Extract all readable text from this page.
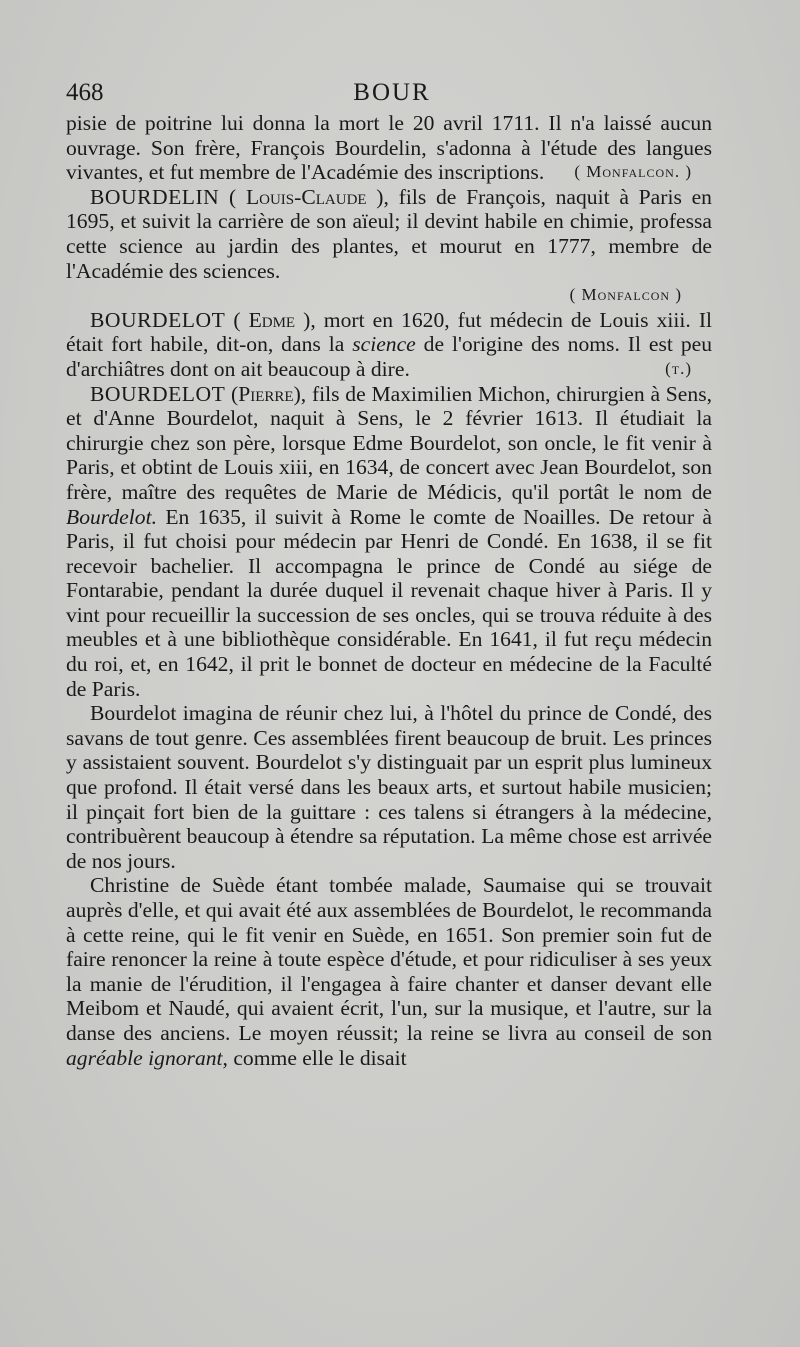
468	BOUR

pisie de poitrine lui donna la mort le 20 avril 1711. Il n'a laissé aucun ouvrage. Son frère, François Bourdelin, s'adonna à l'étude des langues vivantes, et fut membre de l'Académie des inscriptions. ( Monfalcon. )

BOURDELIN ( Louis-Claude ), fils de François, naquit à Paris en 1695, et suivit la carrière de son aïeul; il devint habile en chimie, professa cette science au jardin des plantes, et mourut en 1777, membre de l'Académie des sciences.

( Monfalcon )

BOURDELOT ( Edme ), mort en 1620, fut médecin de Louis xiii. Il était fort habile, dit-on, dans la science de l'origine des noms. Il est peu d'archiâtres dont on ait beaucoup à dire.	(t.)

BOURDELOT (Pierre), fils de Maximilien Michon, chirurgien à Sens, et d'Anne Bourdelot, naquit à Sens, le 2 février 1613. Il étudiait la chirurgie chez son père, lorsque Edme Bourdelot, son oncle, le fit venir à Paris, et obtint de Louis xiii, en 1634, de concert avec Jean Bourdelot, son frère, maître des requêtes de Marie de Médicis, qu'il portât le nom de Bourdelot. En 1635, il suivit à Rome le comte de Noailles. De retour à Paris, il fut choisi pour médecin par Henri de Condé. En 1638, il se fit recevoir bachelier. Il accompagna le prince de Condé au siége de Fontarabie, pendant la durée duquel il revenait chaque hiver à Paris. Il y vint pour recueillir la succession de ses oncles, qui se trouva réduite à des meubles et à une bibliothèque considérable. En 1641, il fut reçu médecin du roi, et, en 1642, il prit le bonnet de docteur en médecine de la Faculté de Paris.

Bourdelot imagina de réunir chez lui, à l'hôtel du prince de Condé, des savans de tout genre. Ces assemblées firent beaucoup de bruit. Les princes y assistaient souvent. Bourdelot s'y distinguait par un esprit plus lumineux que profond. Il était versé dans les beaux arts, et surtout habile musicien; il pinçait fort bien de la guittare : ces talens si étrangers à la médecine, contribuèrent beaucoup à étendre sa réputation. La même chose est arrivée de nos jours.

Christine de Suède étant tombée malade, Saumaise qui se trouvait auprès d'elle, et qui avait été aux assemblées de Bourdelot, le recommanda à cette reine, qui le fit venir en Suède, en 1651. Son premier soin fut de faire renoncer la reine à toute espèce d'étude, et pour ridiculiser à ses yeux la manie de l'érudition, il l'engagea à faire chanter et danser devant elle Meibom et Naudé, qui avaient écrit, l'un, sur la musique, et l'autre, sur la danse des anciens. Le moyen réussit; la reine se livra au conseil de son agréable ignorant, comme elle le disait
